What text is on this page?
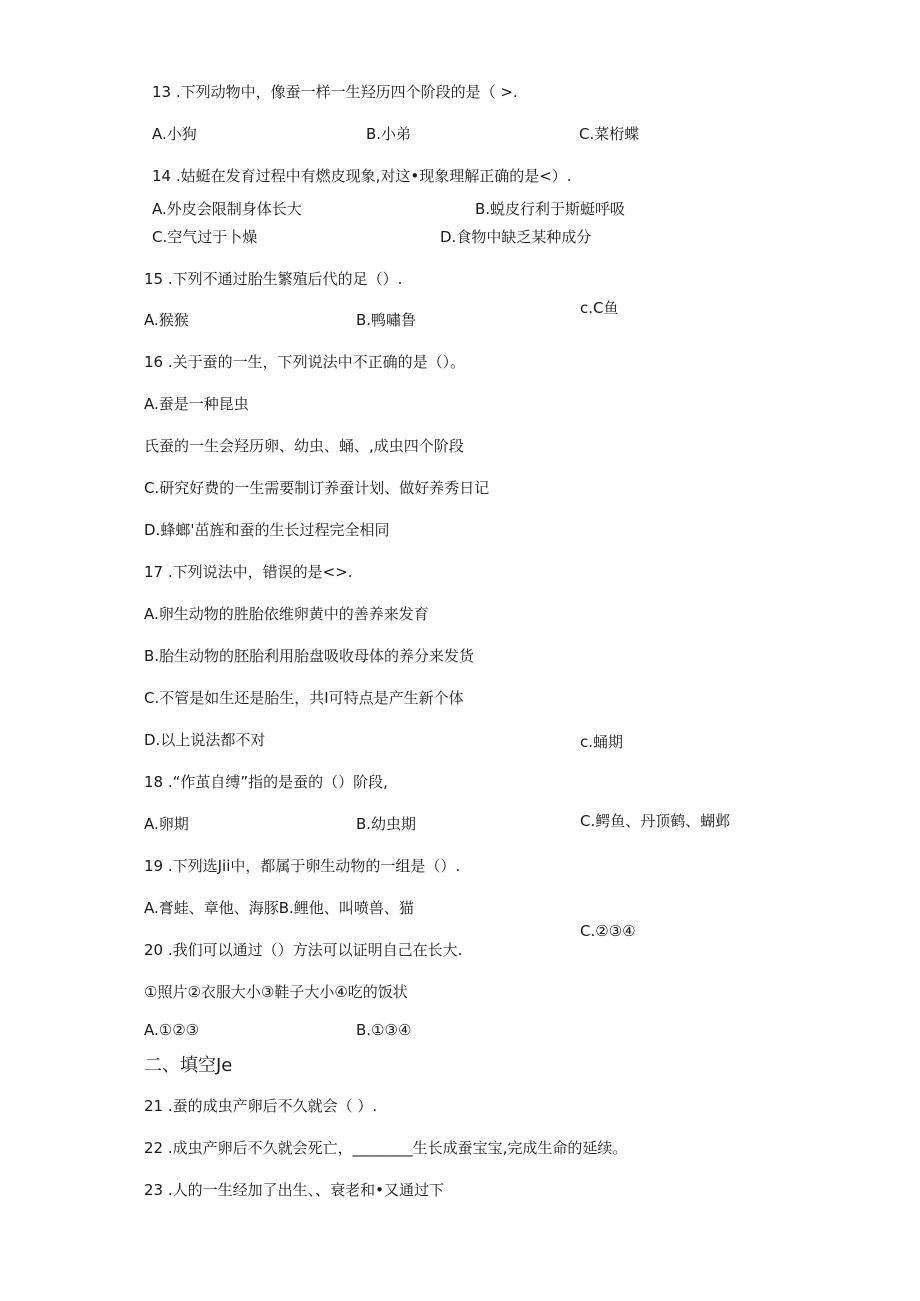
13 .下列动物中，像蚕一样一生羟历四个阶段的是（ >.
A.小狗	B.小弟	C.菜桁蝶
14 .姑蜓在发育过程中有燃皮现象,对这•现象理解正确的是<）.
A.外皮会限制身体长大	B.蜕皮行利于斯蜓呼吸
C.空气过于卜燥	D.食物中缺乏某种成分
15 .下列不通过胎生繁殖后代的足（）.
A.猴猴	B.鸭嘯鲁
c.C鱼
16 .关于蚕的一生，下列说法中不正确的是（）。
A.蚕是一种昆虫
氏蚕的一生会羟历卵、幼虫、蛹、,成虫四个阶段
C.研究好费的一生需要制订养蚕计划、做好养秀日记
D.蜂螂'茁旌和蚕的生长过程完全相同
17 .下列说法中，错误的是<>.
A.卵生动物的胜胎依维卵黄中的善养来发育
B.胎生动物的胚胎利用胎盘吸收母体的养分来发货
C.不管是如生还是胎生，共I可特点是产生新个体
D.以上说法都不对	c.蛹期
18 .“作茧自缚”指的是蚕的（）阶段,
A.卵期	B.幼虫期	C.鳄鱼、丹顶鹤、蝴邺
19 .下列选Jii中，都属于卵生动物的一组是（）.
A.膏蛙、章他、海豚B.鲤他、叫喷兽、猫
C.②③④
20 .我们可以通过（）方法可以证明自己在长大.
①照片②衣服大小③鞋子大小④吃的饭状
A.①②③	B.①③④
二、填空Je
21 .蚕的成虫产卵后不久就会（ ）.
22 .成虫产卵后不久就会死亡，________生长成蚕宝宝,完成生命的延续。
23 .人的一生经加了出生、、衰老和•又通过下
